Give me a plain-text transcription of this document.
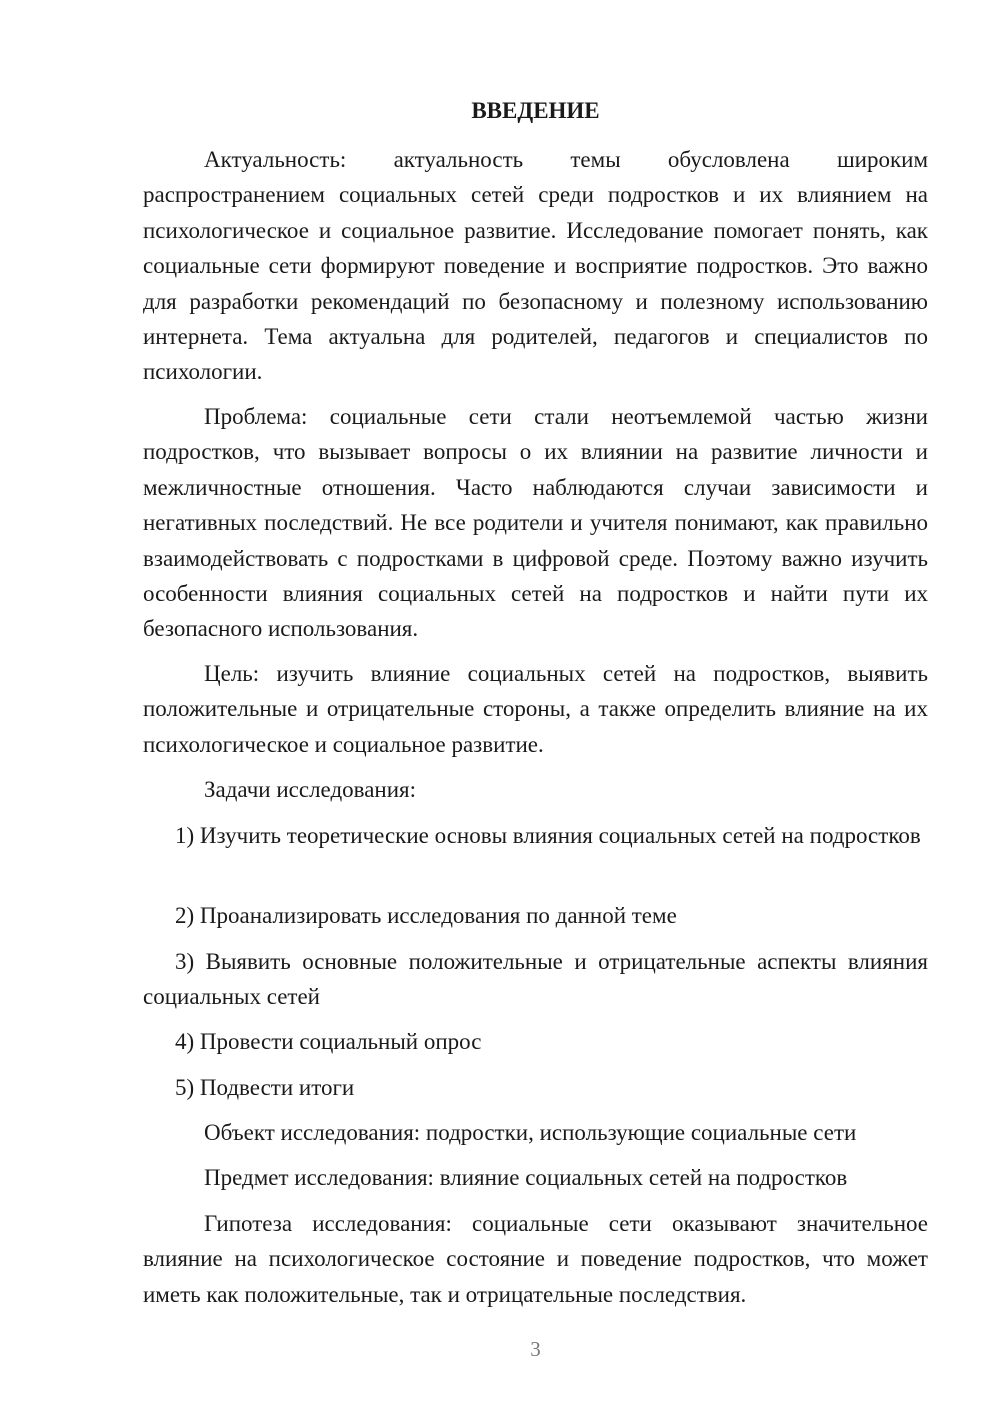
ВВЕДЕНИЕ

Актуальность: актуальность темы обусловлена широким распространением социальных сетей среди подростков и их влиянием на психологическое и социальное развитие. Исследование помогает понять, как социальные сети формируют поведение и восприятие подростков. Это важно для разработки рекомендаций по безопасному и полезному использованию интернета. Тема актуальна для родителей, педагогов и специалистов по психологии.

Проблема: социальные сети стали неотъемлемой частью жизни подростков, что вызывает вопросы о их влиянии на развитие личности и межличностные отношения. Часто наблюдаются случаи зависимости и негативных последствий. Не все родители и учителя понимают, как правильно взаимодействовать с подростками в цифровой среде. Поэтому важно изучить особенности влияния социальных сетей на подростков и найти пути их безопасного использования.

Цель: изучить влияние социальных сетей на подростков, выявить положительные и отрицательные стороны, а также определить влияние на их психологическое и социальное развитие.

Задачи исследования:

1) Изучить теоретические основы влияния социальных сетей на подростков

2) Проанализировать исследования по данной теме

3) Выявить основные положительные и отрицательные аспекты влияния социальных сетей

4) Провести социальный опрос

5) Подвести итоги

Объект исследования: подростки, использующие социальные сети

Предмет исследования: влияние социальных сетей на подростков

Гипотеза исследования: социальные сети оказывают значительное влияние на психологическое состояние и поведение подростков, что может иметь как положительные, так и отрицательные последствия.

3
